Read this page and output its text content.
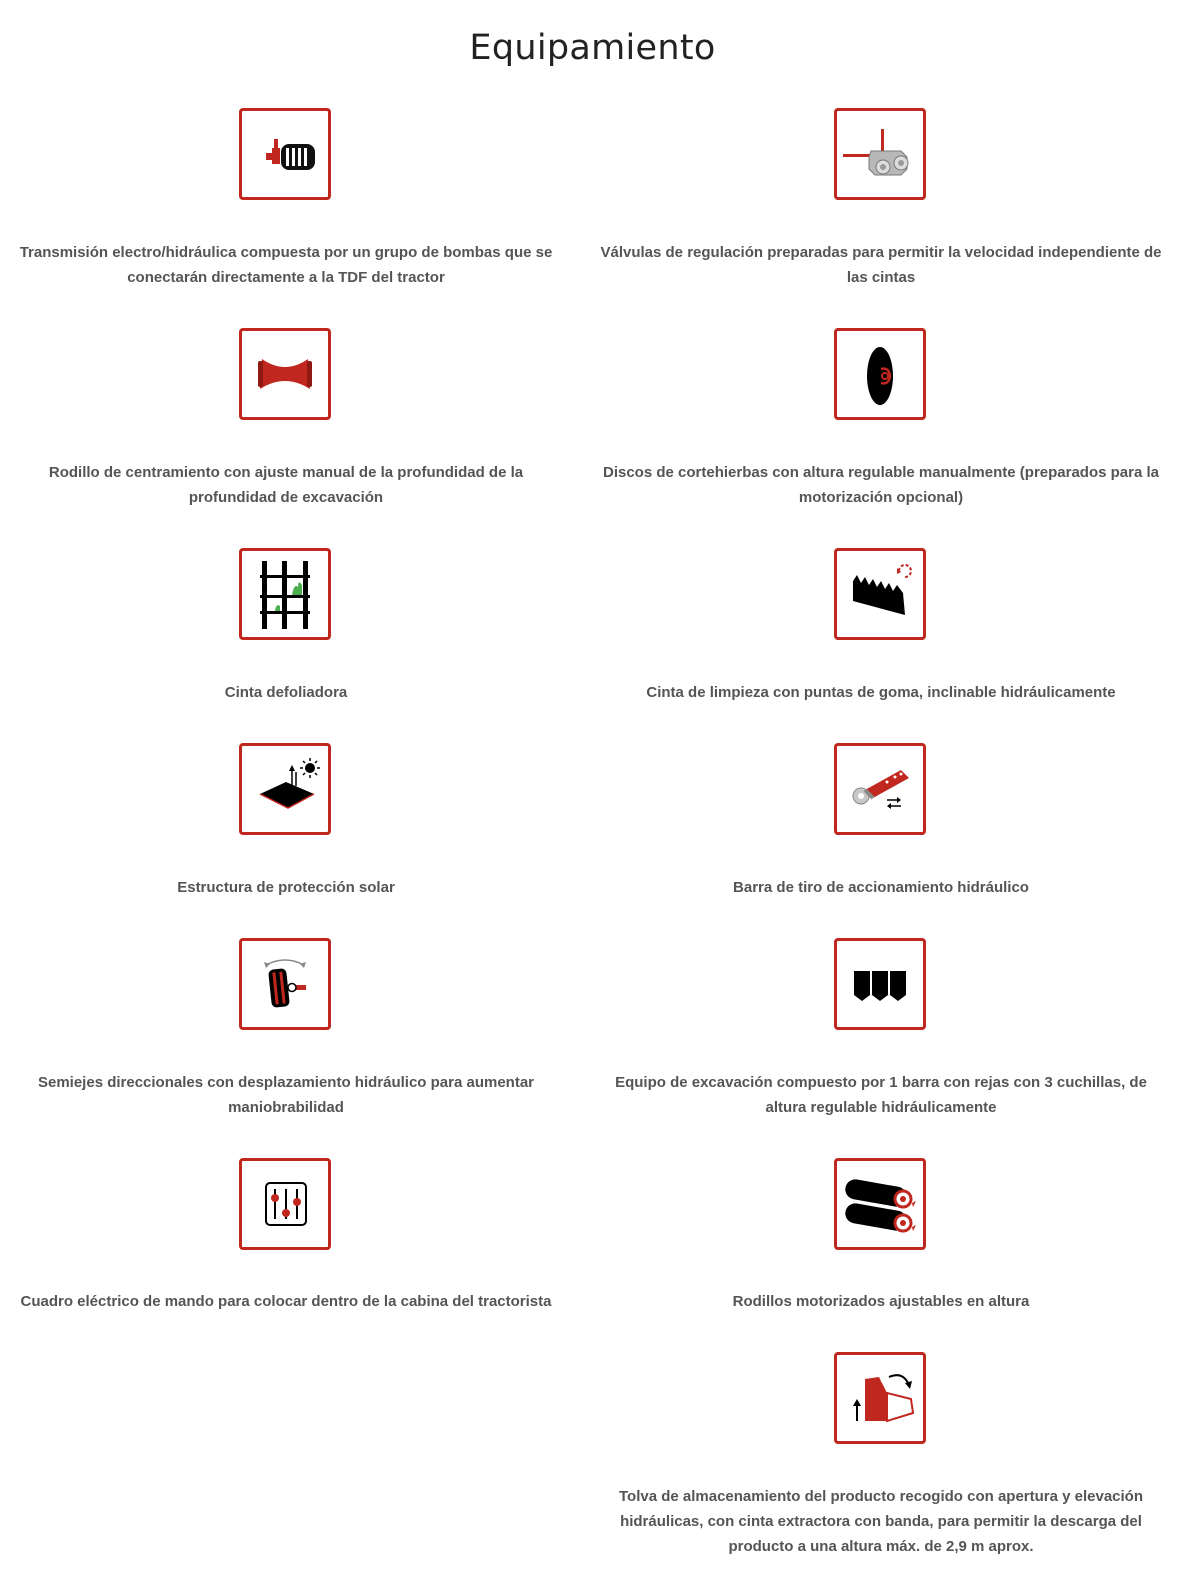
Equipamiento
Transmisión electro/hidráulica compuesta por un grupo de bombas que se conectarán directamente a la TDF del tractor
Válvulas de regulación preparadas para permitir la velocidad independiente de las cintas
Rodillo de centramiento con ajuste manual de la profundidad de la profundidad de excavación
Discos de cortehierbas con altura regulable manualmente (preparados para la motorización opcional)
Cinta defoliadora	Cinta de limpieza con puntas de goma, inclinable hidráulicamente
Estructura de protección solar	Barra de tiro de accionamiento hidráulico
Semiejes direccionales con desplazamiento hidráulico para aumentar maniobrabilidad
Equipo de excavación compuesto por 1 barra con rejas con 3 cuchillas, de altura regulable hidráulicamente
Cuadro eléctrico de mando para colocar dentro de la cabina del tractorista	Rodillos motorizados ajustables en altura
Tolva de almacenamiento del producto recogido con apertura y elevación hidráulicas, con cinta extractora con banda, para permitir la descarga del producto a una altura máx. de 2,9 m aprox.
